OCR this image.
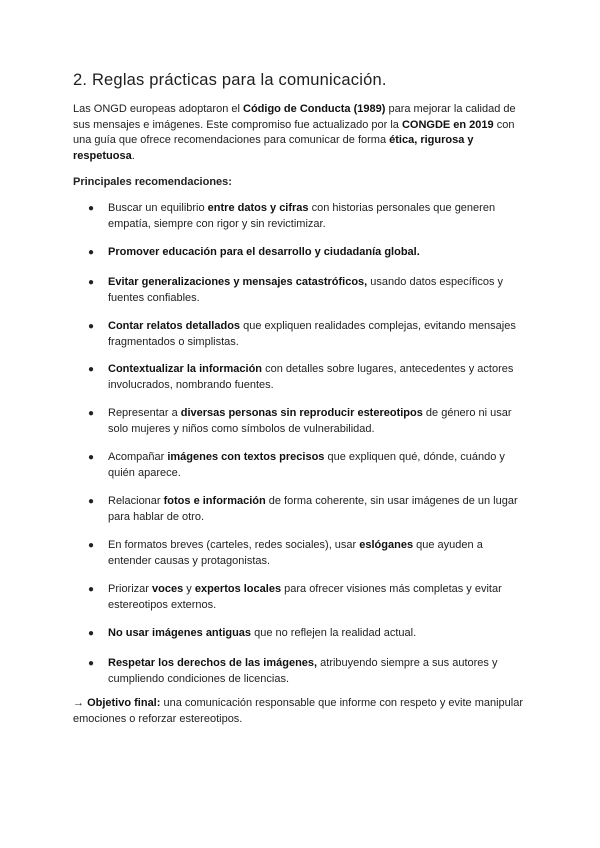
2. Reglas prácticas para la comunicación.

Las ONGD europeas adoptaron el Código de Conducta (1989) para mejorar la calidad de sus mensajes e imágenes. Este compromiso fue actualizado por la CONGDE en 2019 con una guía que ofrece recomendaciones para comunicar de forma ética, rigurosa y respetuosa.

Principales recomendaciones:

● Buscar un equilibrio entre datos y cifras con historias personales que generen empatía, siempre con rigor y sin revictimizar.
● Promover educación para el desarrollo y ciudadanía global.
● Evitar generalizaciones y mensajes catastróficos, usando datos específicos y fuentes confiables.
● Contar relatos detallados que expliquen realidades complejas, evitando mensajes fragmentados o simplistas.
● Contextualizar la información con detalles sobre lugares, antecedentes y actores involucrados, nombrando fuentes.
● Representar a diversas personas sin reproducir estereotipos de género ni usar solo mujeres y niños como símbolos de vulnerabilidad.
● Acompañar imágenes con textos precisos que expliquen qué, dónde, cuándo y quién aparece.
● Relacionar fotos e información de forma coherente, sin usar imágenes de un lugar para hablar de otro.
● En formatos breves (carteles, redes sociales), usar eslóganes que ayuden a entender causas y protagonistas.
● Priorizar voces y expertos locales para ofrecer visiones más completas y evitar estereotipos externos.
● No usar imágenes antiguas que no reflejen la realidad actual.
● Respetar los derechos de las imágenes, atribuyendo siempre a sus autores y cumpliendo condiciones de licencias.

→ Objetivo final: una comunicación responsable que informe con respeto y evite manipular emociones o reforzar estereotipos.
